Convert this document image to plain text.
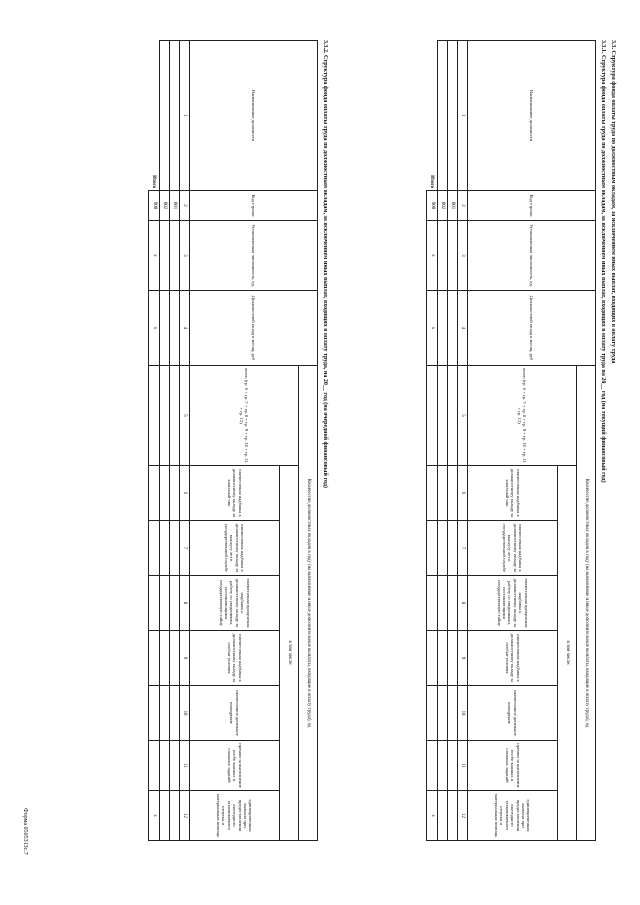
3.3. Структура фонда оплаты труда по должностным окладам, за исключением иных выплат, входящих в оплату труда
3.3.1. Структура фонда оплаты труда по должностным окладам, за исключением иных выплат, входящих в оплату труда на 20__ год (на текущий финансовый год)
Наименование должности	Код строки	Установленная численность, ед.	Должностной оклад в месяц, руб	Количество должностных окладов в году (на выполнение и иные дополнительные выплаты, входящие в оплату труда), ед							
				всего (гр. 6 + гр. 7 + гр. 8 + гр. 9 + гр. 10 + гр. 11 + гр. 12)	в том числе:						
					ежемесячная надбавка к должностному окладу за классный чин	ежемесячная надбавка к должностному окладу за выслугу лет в государственной службе	ежемесячная процентная надбавка к должностному окладу за работу со сведениями, составляющими государственную тайну	ежемесячная надбавка к должностному окладу за особые условия	ежемесячное денежное поощрение	премии за выполнение особо важных и сложных заданий	единовременная выплата при предоставлении ежегодного оплачиваемого отпуска и материальная помощь
1	2	3	4	5	6	7	8	9	10	11	12
	001										
	002										
Итого	900	x	x								x
3.3.2. Структура фонда оплаты труда по должностным окладам, за исключением иных выплат, входящих в оплату труда, на 20__ год (на очередной финансовый год)
Наименование должности	Код строки	Установленная численность, ед.	Должностной оклад в месяц, руб	Количество должностных окладов в году (на выполнение и иные дополнительные выплаты, входящие в оплату труда), ед							
				всего (гр. 6 + гр. 7 + гр. 8 + гр. 9 + гр. 10 + гр. 11 + гр. 12)	в том числе:						
					ежемесячная надбавка к должностному окладу за классный чин	ежемесячная надбавка к должностному окладу за выслугу лет в государственной службе	ежемесячная процентная надбавка к должностному окладу за работу со сведениями, составляющими государственную тайну	ежемесячная надбавка к должностному окладу за особые условия	ежемесячное денежное поощрение	премии за выполнение особо важных и сложных заданий	единовременная выплата при предоставлении ежегодного оплачиваемого отпуска и материальная помощь
1	2	3	4	5	6	7	8	9	10	11	12
	001										
	002										
Итого	900	x	x								x
Форма 0505313с.7
